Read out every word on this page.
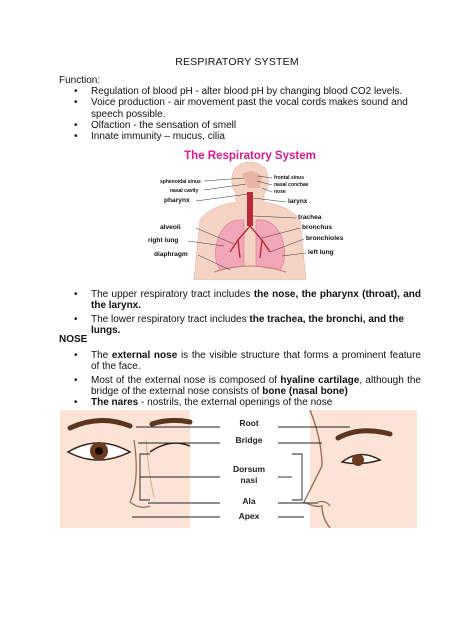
RESPIRATORY SYSTEM
Function:
• Regulation of blood pH - alter blood pH by changing blood CO2 levels.
• Voice production - air movement past the vocal cords makes sound and speech possible.
• Olfaction - the sensation of smell
• Innate immunity – mucus, cilia
The Respiratory System
sphenoidal sinus
nasal cavity
pharynx
alveoli
right lung
diaphragm
frontal sinus
nasal conchae
nose
larynx
trachea
bronchus
bronchioles
left lung
• The upper respiratory tract includes the nose, the pharynx (throat), and the larynx.
• The lower respiratory tract includes the trachea, the bronchi, and the lungs.
NOSE
• The external nose is the visible structure that forms a prominent feature of the face.
• Most of the external nose is composed of hyaline cartilage, although the bridge of the external nose consists of bone (nasal bone)
• The nares - nostrils, the external openings of the nose
Root
Bridge
Dorsum
nasi
Ala
Apex
